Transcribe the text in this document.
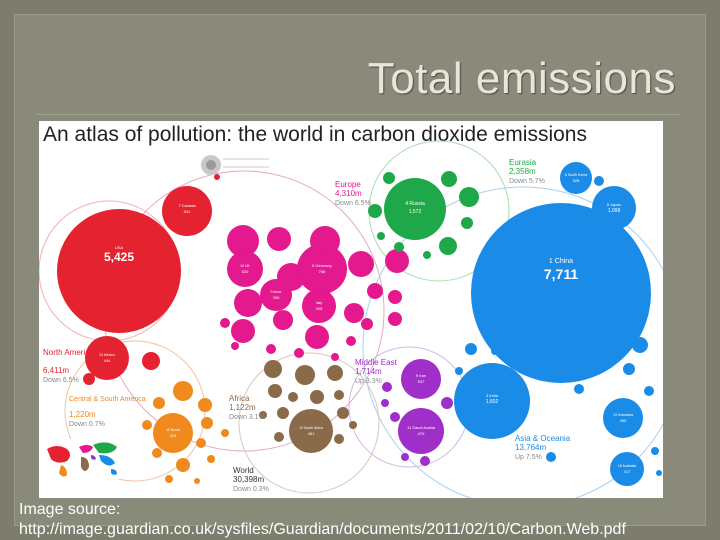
Total emissions
An atlas of pollution: the world in carbon dioxide emissions
USA
5,425	1 China
7,711
4 Russia
1,572
6 Germany
766
5 Japan
1,098
3 India
1,602
7 Canada
541
9 Iran
537
11 Saudi Arabia
470
8 South Korea
528
13 Indonesia
465
12 South Africa
451
13 Mexico
444
10 Brazil
424
10 UK
520
Italy
408
France
396
15 Australia
417
Europe
4,310m
Down 6.5%
Eurasia
2,358m
Down 5.7%
North America
6,411m
Down 6.5%
Middle East
1,714m
Up 3.3%
Africa
1,122m
Down 3.1%
Central & South America
1,220m
Down 0.7%
Asia & Oceania
13,764m
Up 7.5%
World
30,398m
Down 0.3%
Image source:
http://image.guardian.co.uk/sysfiles/Guardian/documents/2011/02/10/Carbon.Web.pdf
